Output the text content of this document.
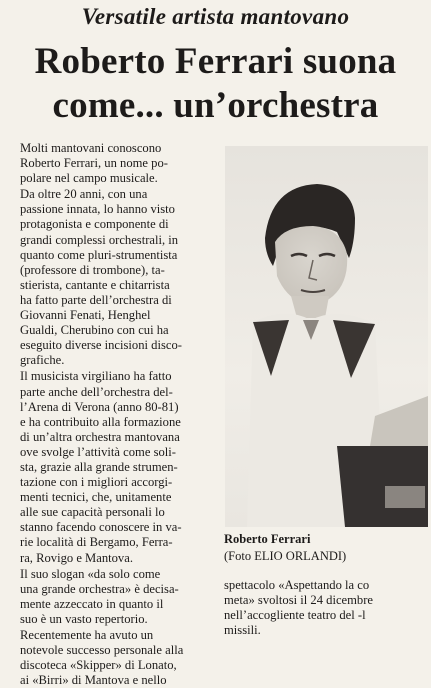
Versatile artista mantovano
Roberto Ferrari suona
come... un’orchestra

Molti mantovani conoscono
Roberto Ferrari, un nome po-
polare nel campo musicale.

Da oltre 20 anni, con una
passione innata, lo hanno visto
protagonista e componente di
grandi complessi orchestrali, in
quanto come pluri-strumentista
(professore di trombone), ta-
stierista, cantante e chitarrista
ha fatto parte dell’orchestra di
Giovanni Fenati, Henghel
Gualdi, Cherubino con cui ha
eseguito diverse incisioni disco-
grafiche.

Il musicista virgiliano ha fatto
parte anche dell’orchestra del-
l’Arena di Verona (anno 80-81)
e ha contribuito alla formazione
di un’altra orchestra mantovana
ove svolge l’attività come soli-
sta, grazie alla grande strumen-
tazione con i migliori accorgi-
menti tecnici, che, unitamente
alle sue capacità personali lo
stanno facendo conoscere in va-
rie località di Bergamo, Ferra-
ra, Rovigo e Mantova.

Il suo slogan «da solo come
una grande orchestra» è decisa-
mente azzeccato in quanto il
suo è un vasto repertorio.

Recentemente ha avuto un
notevole successo personale alla
discoteca «Skipper» di Lonato,
ai «Birri» di Mantova e nello

Roberto Ferrari
(Foto ELIO ORLANDI)

spettacolo «Aspettando la co
meta» svoltosi il 24 dicembre
nell’accogliente teatro del -l
missili.
